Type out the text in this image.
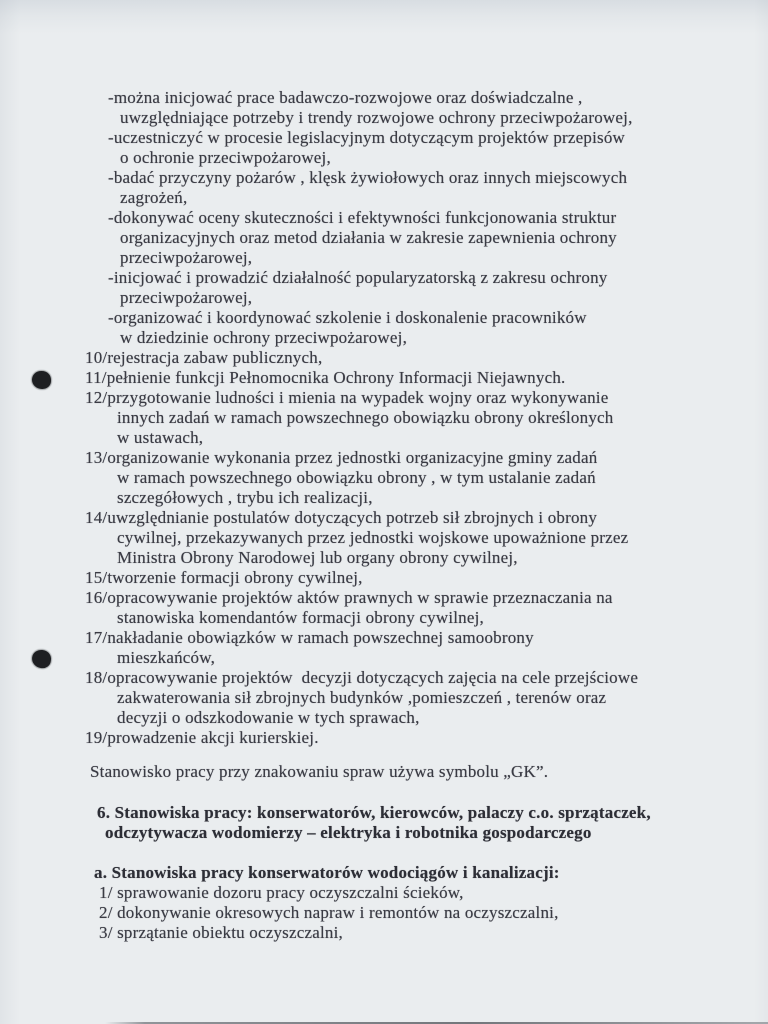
-można inicjować prace badawczo-rozwojowe oraz doświadczalne ,
uwzględniające potrzeby i trendy rozwojowe ochrony przeciwpożarowej,
-uczestniczyć w procesie legislacyjnym dotyczącym projektów przepisów
o ochronie przeciwpożarowej,
-badać przyczyny pożarów , klęsk żywiołowych oraz innych miejscowych
zagrożeń,
-dokonywać oceny skuteczności i efektywności funkcjonowania struktur
organizacyjnych oraz metod działania w zakresie zapewnienia ochrony
przeciwpożarowej,
-inicjować i prowadzić działalność popularyzatorską z zakresu ochrony
przeciwpożarowej,
-organizować i koordynować szkolenie i doskonalenie pracowników
w dziedzinie ochrony przeciwpożarowej,
10/rejestracja zabaw publicznych,
11/pełnienie funkcji Pełnomocnika Ochrony Informacji Niejawnych.
12/przygotowanie ludności i mienia na wypadek wojny oraz wykonywanie
innych zadań w ramach powszechnego obowiązku obrony określonych
w ustawach,
13/organizowanie wykonania przez jednostki organizacyjne gminy zadań
w ramach powszechnego obowiązku obrony , w tym ustalanie zadań
szczegółowych , trybu ich realizacji,
14/uwzględnianie postulatów dotyczących potrzeb sił zbrojnych i obrony
cywilnej, przekazywanych przez jednostki wojskowe upoważnione przez
Ministra Obrony Narodowej lub organy obrony cywilnej,
15/tworzenie formacji obrony cywilnej,
16/opracowywanie projektów aktów prawnych w sprawie przeznaczania na
stanowiska komendantów formacji obrony cywilnej,
17/nakładanie obowiązków w ramach powszechnej samoobrony
mieszkańców,
18/opracowywanie projektów  decyzji dotyczących zajęcia na cele przejściowe
zakwaterowania sił zbrojnych budynków ,pomieszczeń , terenów oraz
decyzji o odszkodowanie w tych sprawach,
19/prowadzenie akcji kurierskiej.
Stanowisko pracy przy znakowaniu spraw używa symbolu „GK”.
6. Stanowiska pracy: konserwatorów, kierowców, palaczy c.o. sprzątaczek,
odczytywacza wodomierzy – elektryka i robotnika gospodarczego
a. Stanowiska pracy konserwatorów wodociągów i kanalizacji:
1/ sprawowanie dozoru pracy oczyszczalni ścieków,
2/ dokonywanie okresowych napraw i remontów na oczyszczalni,
3/ sprzątanie obiektu oczyszczalni,
